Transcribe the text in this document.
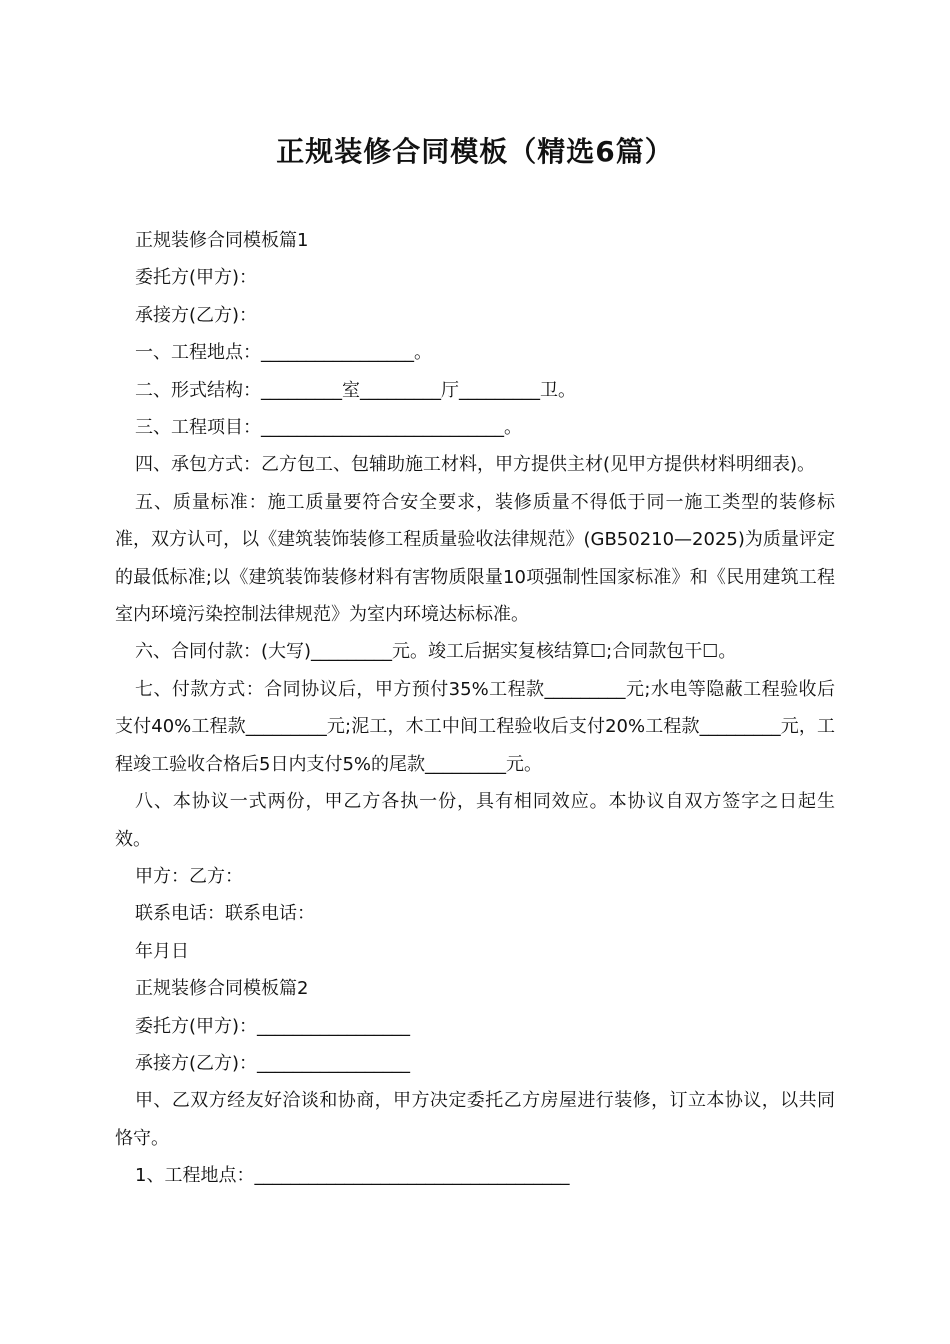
正规装修合同模板（精选6篇）

正规装修合同模板篇1

委托方(甲方)：

承接方(乙方)：

一、工程地点：_________________。

二、形式结构：_________室_________厅_________卫。

三、工程项目：___________________________。

四、承包方式：乙方包工、包辅助施工材料，甲方提供主材(见甲方提供材料明细表)。

五、质量标准：施工质量要符合安全要求，装修质量不得低于同一施工类型的装修标准，双方认可，以《建筑装饰装修工程质量验收法律规范》(GB50210—2025)为质量评定的最低标准;以《建筑装饰装修材料有害物质限量10项强制性国家标准》和《民用建筑工程室内环境污染控制法律规范》为室内环境达标标准。

六、合同付款：(大写)_________元。竣工后据实复核结算☐;合同款包干☐。

七、付款方式：合同协议后，甲方预付35%工程款_________元;水电等隐蔽工程验收后支付40%工程款_________元;泥工，木工中间工程验收后支付20%工程款_________元，工程竣工验收合格后5日内支付5%的尾款_________元。

八、本协议一式两份，甲乙方各执一份，具有相同效应。本协议自双方签字之日起生效。

甲方：乙方：

联系电话：联系电话：

年月日

正规装修合同模板篇2

委托方(甲方)：_________________

承接方(乙方)：_________________

甲、乙双方经友好洽谈和协商，甲方决定委托乙方房屋进行装修，订立本协议，以共同恪守。

1、工程地点：___________________________________
